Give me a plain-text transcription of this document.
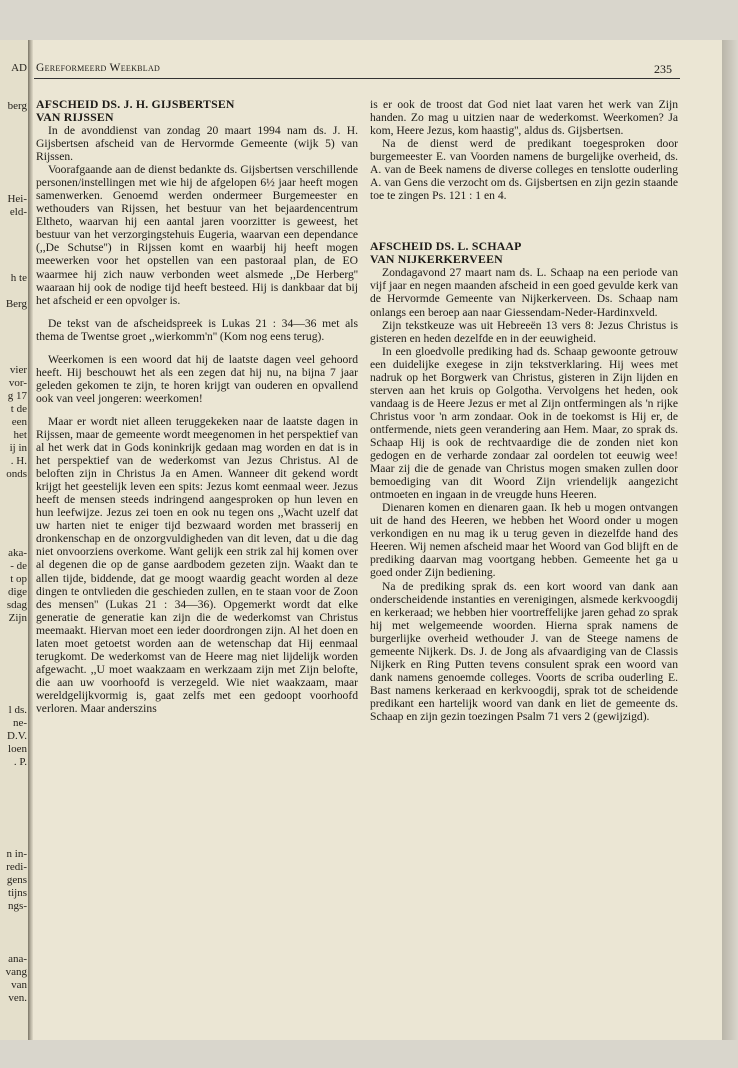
AD
berg
Hei-
eld-
h te
Berg
vier
vor-
g 17
t de
een
het
ij in
. H.
onds
aka-
- de
t op
dige
sdag
Zijn
l ds.
ne-
D.V.
loen
. P.
n in-
redi-
gens
tijns
ngs-
ana-
vang
van
ven.
Gereformeerd Weekblad	235
AFSCHEID DS. J. H. GIJSBERTSEN
VAN RIJSSEN

In de avonddienst van zondag 20 maart 1994 nam ds. J. H. Gijsbertsen afscheid van de Hervormde Gemeente (wijk 5) van Rijssen.

Voorafgaande aan de dienst bedankte ds. Gijsbertsen verschillende personen/instellingen met wie hij de afgelopen 6½ jaar heeft mogen samenwerken. Genoemd werden ondermeer Burgemeester en wethouders van Rijssen, het bestuur van het bejaardencentrum Eltheto, waarvan hij een aantal jaren voorzitter is geweest, het bestuur van het verzorgingstehuis Eugeria, waarvan een dependance (,,De Schutse'') in Rijssen komt en waarbij hij heeft mogen meewerken voor het opstellen van een pastoraal plan, de EO waarmee hij zich nauw verbonden weet alsmede ,,De Herberg'' waaraan hij ook de nodige tijd heeft besteed. Hij is dankbaar dat bij het afscheid er een opvolger is.

De tekst van de afscheidspreek is Lukas 21 : 34—36 met als thema de Twentse groet ,,wierkomm'n'' (Kom nog eens terug).

Weerkomen is een woord dat hij de laatste dagen veel gehoord heeft. Hij beschouwt het als een zegen dat hij nu, na bijna 7 jaar geleden gekomen te zijn, te horen krijgt van ouderen en opvallend ook van veel jongeren: weerkomen!

Maar er wordt niet alleen teruggekeken naar de laatste dagen in Rijssen, maar de gemeente wordt meegenomen in het perspektief van al het werk dat in Gods koninkrijk gedaan mag worden en dat is in het perspektief van de wederkomst van Jezus Christus. Al de beloften zijn in Christus Ja en Amen. Wanneer dit gekend wordt krijgt het geestelijk leven een spits: Jezus komt eenmaal weer. Jezus heeft de mensen steeds indringend aangesproken op hun leven en hun leefwijze. Jezus zei toen en ook nu tegen ons ,,Wacht uzelf dat uw harten niet te eniger tijd bezwaard worden met brasserij en dronkenschap en de onzorgvuldigheden van dit leven, dat u die dag niet onvoorziens overkome. Want gelijk een strik zal hij komen over al degenen die op de ganse aardbodem gezeten zijn. Waakt dan te allen tijde, biddende, dat ge moogt waardig geacht worden al deze dingen te ontvlieden die geschieden zullen, en te staan voor de Zoon des mensen'' (Lukas 21 : 34—36). Opgemerkt wordt dat elke generatie de generatie kan zijn die de wederkomst van Christus meemaakt. Hiervan moet een ieder doordrongen zijn. Al het doen en laten moet getoetst worden aan de wetenschap dat Hij eenmaal terugkomt. De wederkomst van de Heere mag niet lijdelijk worden afgewacht. ,,U moet waakzaam en werkzaam zijn met Zijn belofte, die aan uw voorhoofd is verzegeld. Wie niet waakzaam, maar wereldgelijkvormig is, gaat zelfs met een gedoopt voorhoofd verloren. Maar anderszins

is er ook de troost dat God niet laat varen het werk van Zijn handen. Zo mag u uitzien naar de wederkomst. Weerkomen? Ja kom, Heere Jezus, kom haastig'', aldus ds. Gijsbertsen.

Na de dienst werd de predikant toegesproken door burgemeester E. van Voorden namens de burgelijke overheid, ds. A. van de Beek namens de diverse colleges en tenslotte ouderling A. van Gens die verzocht om ds. Gijsbertsen en zijn gezin staande toe te zingen Ps. 121 : 1 en 4.

AFSCHEID DS. L. SCHAAP
VAN NIJKERKERVEEN

Zondagavond 27 maart nam ds. L. Schaap na een periode van vijf jaar en negen maanden afscheid in een goed gevulde kerk van de Hervormde Gemeente van Nijkerkerveen. Ds. Schaap nam onlangs een beroep aan naar Giessendam-Neder-Hardinxveld.

Zijn tekstkeuze was uit Hebreeën 13 vers 8: Jezus Christus is gisteren en heden dezelfde en in der eeuwigheid.

In een gloedvolle prediking had ds. Schaap gewoonte getrouw een duidelijke exegese in zijn tekstverklaring. Hij wees met nadruk op het Borgwerk van Christus, gisteren in Zijn lijden en sterven aan het kruis op Golgotha. Vervolgens het heden, ook vandaag is de Heere Jezus er met al Zijn ontfermingen als 'n rijke Christus voor 'n arm zondaar. Ook in de toekomst is Hij er, de ontfermende, niets geen verandering aan Hem. Maar, zo sprak ds. Schaap Hij is ook de rechtvaardige die de zonden niet kon gedogen en de verharde zondaar zal oordelen tot eeuwig wee! Maar zij die de genade van Christus mogen smaken zullen door bemoediging van dit Woord Zijn vriendelijk aangezicht ontmoeten en ingaan in de vreugde huns Heeren.

Dienaren komen en dienaren gaan. Ik heb u mogen ontvangen uit de hand des Heeren, we hebben het Woord onder u mogen verkondigen en nu mag ik u terug geven in diezelfde hand des Heeren. Wij nemen afscheid maar het Woord van God blijft en de prediking daarvan mag voortgang hebben. Gemeente het ga u goed onder Zijn bediening.

Na de prediking sprak ds. een kort woord van dank aan onderscheidende instanties en verenigingen, alsmede kerkvoogdij en kerkeraad; we hebben hier voortreffelijke jaren gehad zo sprak hij met welgemeende woorden. Hierna sprak namens de burgerlijke overheid wethouder J. van de Steege namens de gemeente Nijkerk. Ds. J. de Jong als afvaardiging van de Classis Nijkerk en Ring Putten tevens consulent sprak een woord van dank namens genoemde colleges. Voorts de scriba ouderling E. Bast namens kerkeraad en kerkvoogdij, sprak tot de scheidende predikant een hartelijk woord van dank en liet de gemeente ds. Schaap en zijn gezin toezingen Psalm 71 vers 2 (gewijzigd).
